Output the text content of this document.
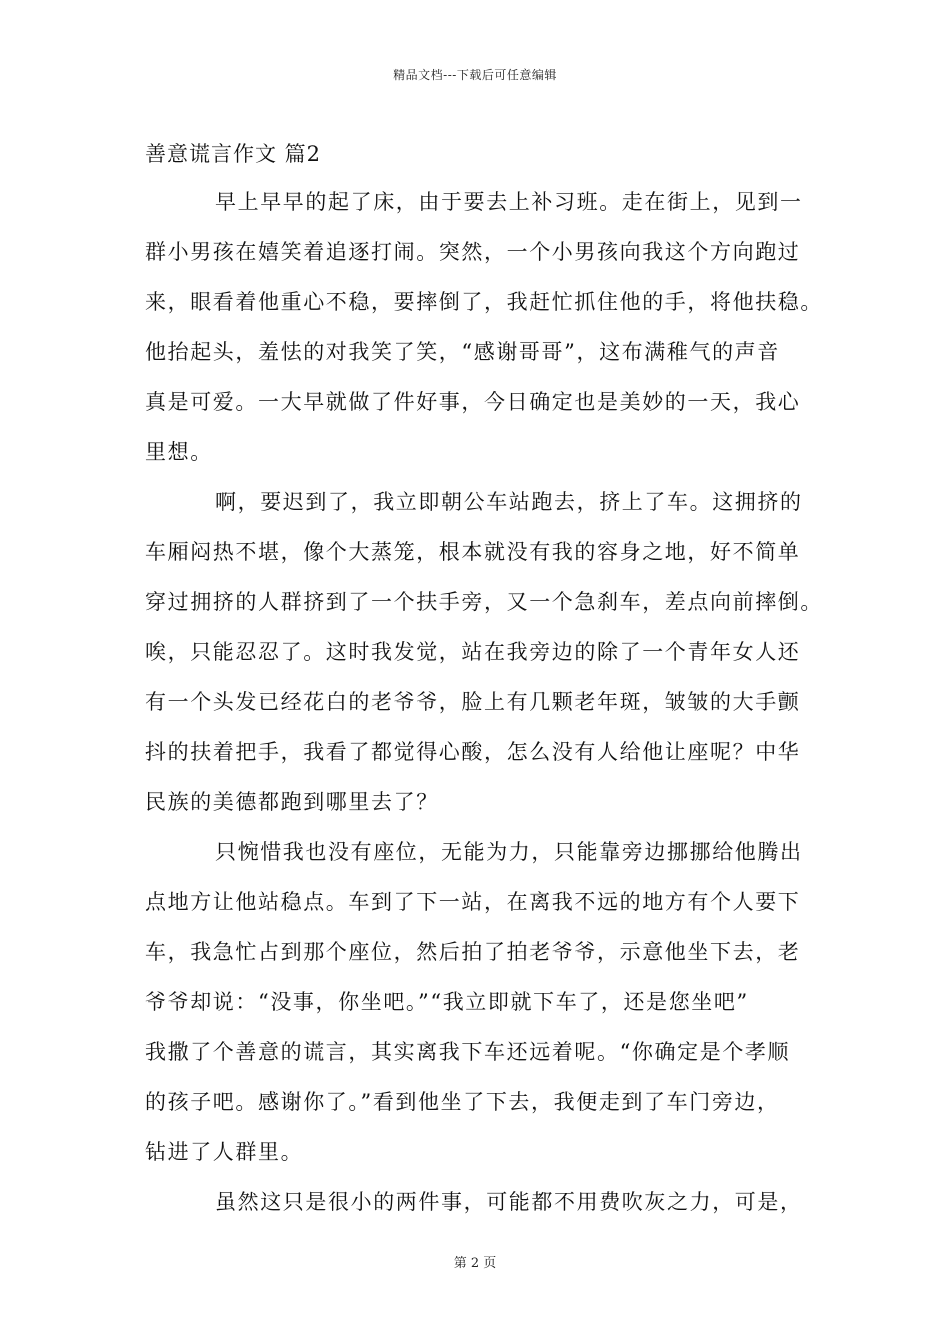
精品文档---下载后可任意编辑
善意谎言作文 篇2
早上早早的起了床，由于要去上补习班。走在街上，见到一
群小男孩在嬉笑着追逐打闹。突然，一个小男孩向我这个方向跑过
来，眼看着他重心不稳，要摔倒了，我赶忙抓住他的手，将他扶稳。
他抬起头，羞怯的对我笑了笑，“感谢哥哥”，这布满稚气的声音
真是可爱。一大早就做了件好事，今日确定也是美妙的一天，我心
里想。
啊，要迟到了，我立即朝公车站跑去，挤上了车。这拥挤的
车厢闷热不堪，像个大蒸笼，根本就没有我的容身之地，好不简单
穿过拥挤的人群挤到了一个扶手旁，又一个急刹车，差点向前摔倒。
唉，只能忍忍了。这时我发觉，站在我旁边的除了一个青年女人还
有一个头发已经花白的老爷爷，脸上有几颗老年斑，皱皱的大手颤
抖的扶着把手，我看了都觉得心酸，怎么没有人给他让座呢？中华
民族的美德都跑到哪里去了？
只惋惜我也没有座位，无能为力，只能靠旁边挪挪给他腾出
点地方让他站稳点。车到了下一站，在离我不远的地方有个人要下
车，我急忙占到那个座位，然后拍了拍老爷爷，示意他坐下去，老
爷爷却说：“没事，你坐吧。”“我立即就下车了，还是您坐吧”
我撒了个善意的谎言，其实离我下车还远着呢。“你确定是个孝顺
的孩子吧。感谢你了。”看到他坐了下去，我便走到了车门旁边，
钻进了人群里。
虽然这只是很小的两件事，可能都不用费吹灰之力，可是，
第 2 页
